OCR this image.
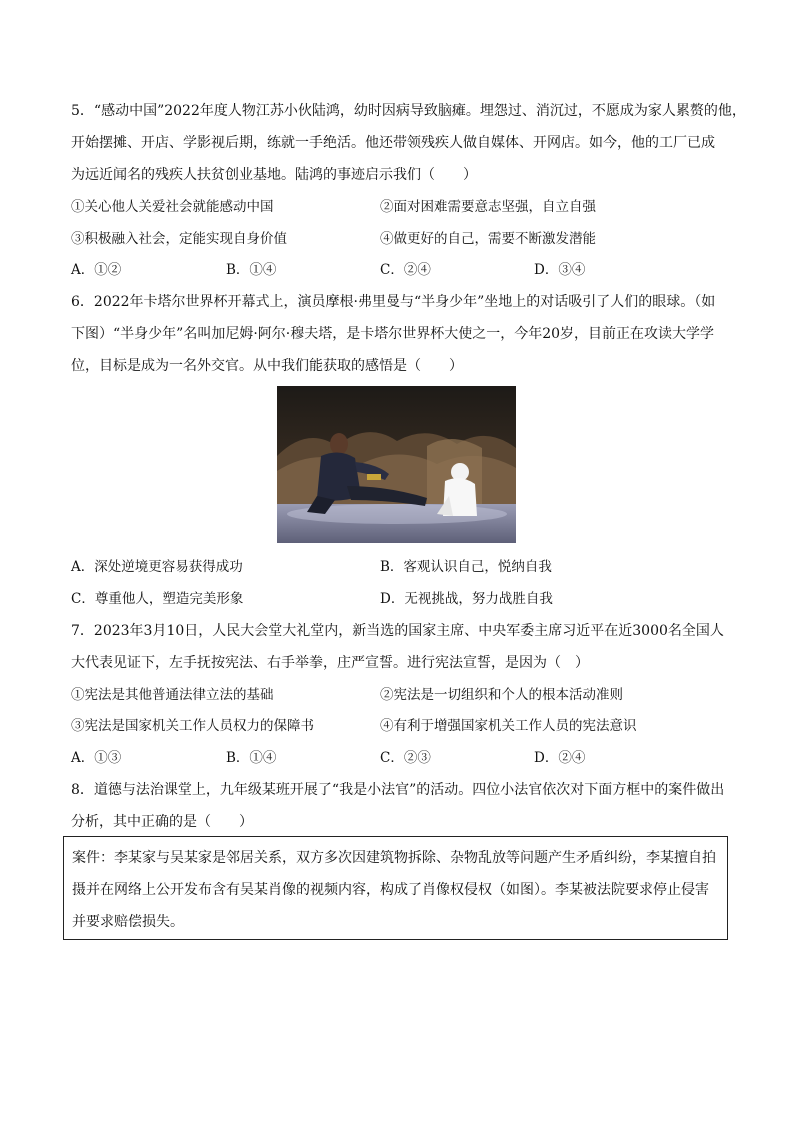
5．“感动中国”2022年度人物江苏小伙陆鸿，幼时因病导致脑瘫。埋怨过、消沉过，不愿成为家人累赘的他，
开始摆摊、开店、学影视后期，练就一手绝活。他还带领残疾人做自媒体、开网店。如今，他的工厂已成
为远近闻名的残疾人扶贫创业基地。陆鸿的事迹启示我们（　　）
①关心他人关爱社会就能感动中国	②面对困难需要意志坚强，自立自强
③积极融入社会，定能实现自身价值	④做更好的自己，需要不断激发潜能
A．①②	B．①④	C．②④	D．③④
6．2022年卡塔尔世界杯开幕式上，演员摩根·弗里曼与“半身少年”坐地上的对话吸引了人们的眼球。（如
下图）“半身少年”名叫加尼姆·阿尔·穆夫塔，是卡塔尔世界杯大使之一，今年20岁，目前正在攻读大学学
位，目标是成为一名外交官。从中我们能获取的感悟是（　　）
A．深处逆境更容易获得成功	B．客观认识自己，悦纳自我
C．尊重他人，塑造完美形象	D．无视挑战，努力战胜自我
7．2023年3月10日，人民大会堂大礼堂内，新当选的国家主席、中央军委主席习近平在近3000名全国人
大代表见证下，左手抚按宪法、右手举拳，庄严宣誓。进行宪法宣誓，是因为（　）
①宪法是其他普通法律立法的基础	②宪法是一切组织和个人的根本活动准则
③宪法是国家机关工作人员权力的保障书	④有利于增强国家机关工作人员的宪法意识
A．①③	B．①④	C．②③	D．②④
8．道德与法治课堂上，九年级某班开展了“我是小法官”的活动。四位小法官依次对下面方框中的案件做出
分析，其中正确的是（　　）
案件：李某家与吴某家是邻居关系，双方多次因建筑物拆除、杂物乱放等问题产生矛盾纠纷，李某擅自拍
摄并在网络上公开发布含有吴某肖像的视频内容，构成了肖像权侵权（如图）。李某被法院要求停止侵害
并要求赔偿损失。
